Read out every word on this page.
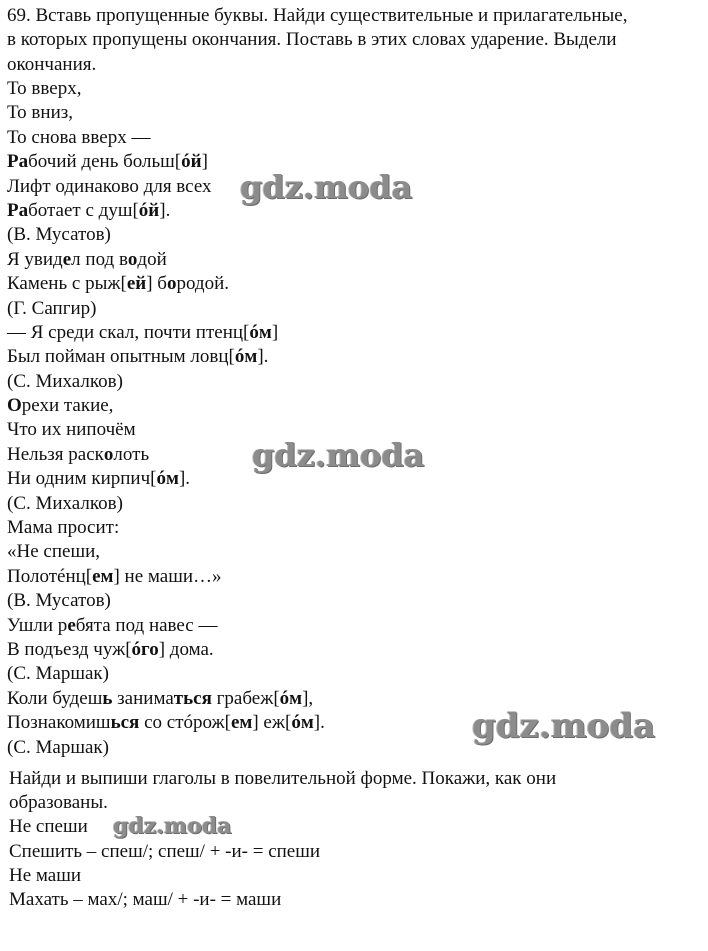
69. Вставь пропущенные буквы. Найди существительные и прилагательные,
в которых пропущены окончания. Поставь в этих словах ударение. Выдели
окончания.
То вверх,
То вниз,
То снова вверх —
Рабочий день больш[óй]
Лифт одинаково для всех
Работает с душ[óй].
(В. Мусатов)
Я увидел под водой
Камень с рыж[ей] бородой.
(Г. Сапгир)
— Я среди скал, почти птенц[óм]
Был пойман опытным ловц[óм].
(С. Михалков)
Орехи такие,
Что их нипочём
Нельзя расколоть
Ни одним кирпич[óм].
(С. Михалков)
Мама просит:
«Не спеши,
Полотéнц[ем] не маши…»
(В. Мусатов)
Ушли ребята под навес —
В подъезд чуж[óго] дома.
(С. Маршак)
Коли будешь заниматься грабеж[óм],
Познакомишься со стóрож[ем] еж[óм].
(С. Маршак)
Найди и выпиши глаголы в повелительной форме. Покажи, как они
образованы.
Не спеши
Спешить – спеш/; спеш/ + -и- = спеши
Не маши
Махать – мах/; маш/ + -и- = маши
gdz.moda
gdz.moda
gdz.moda
gdz.moda
